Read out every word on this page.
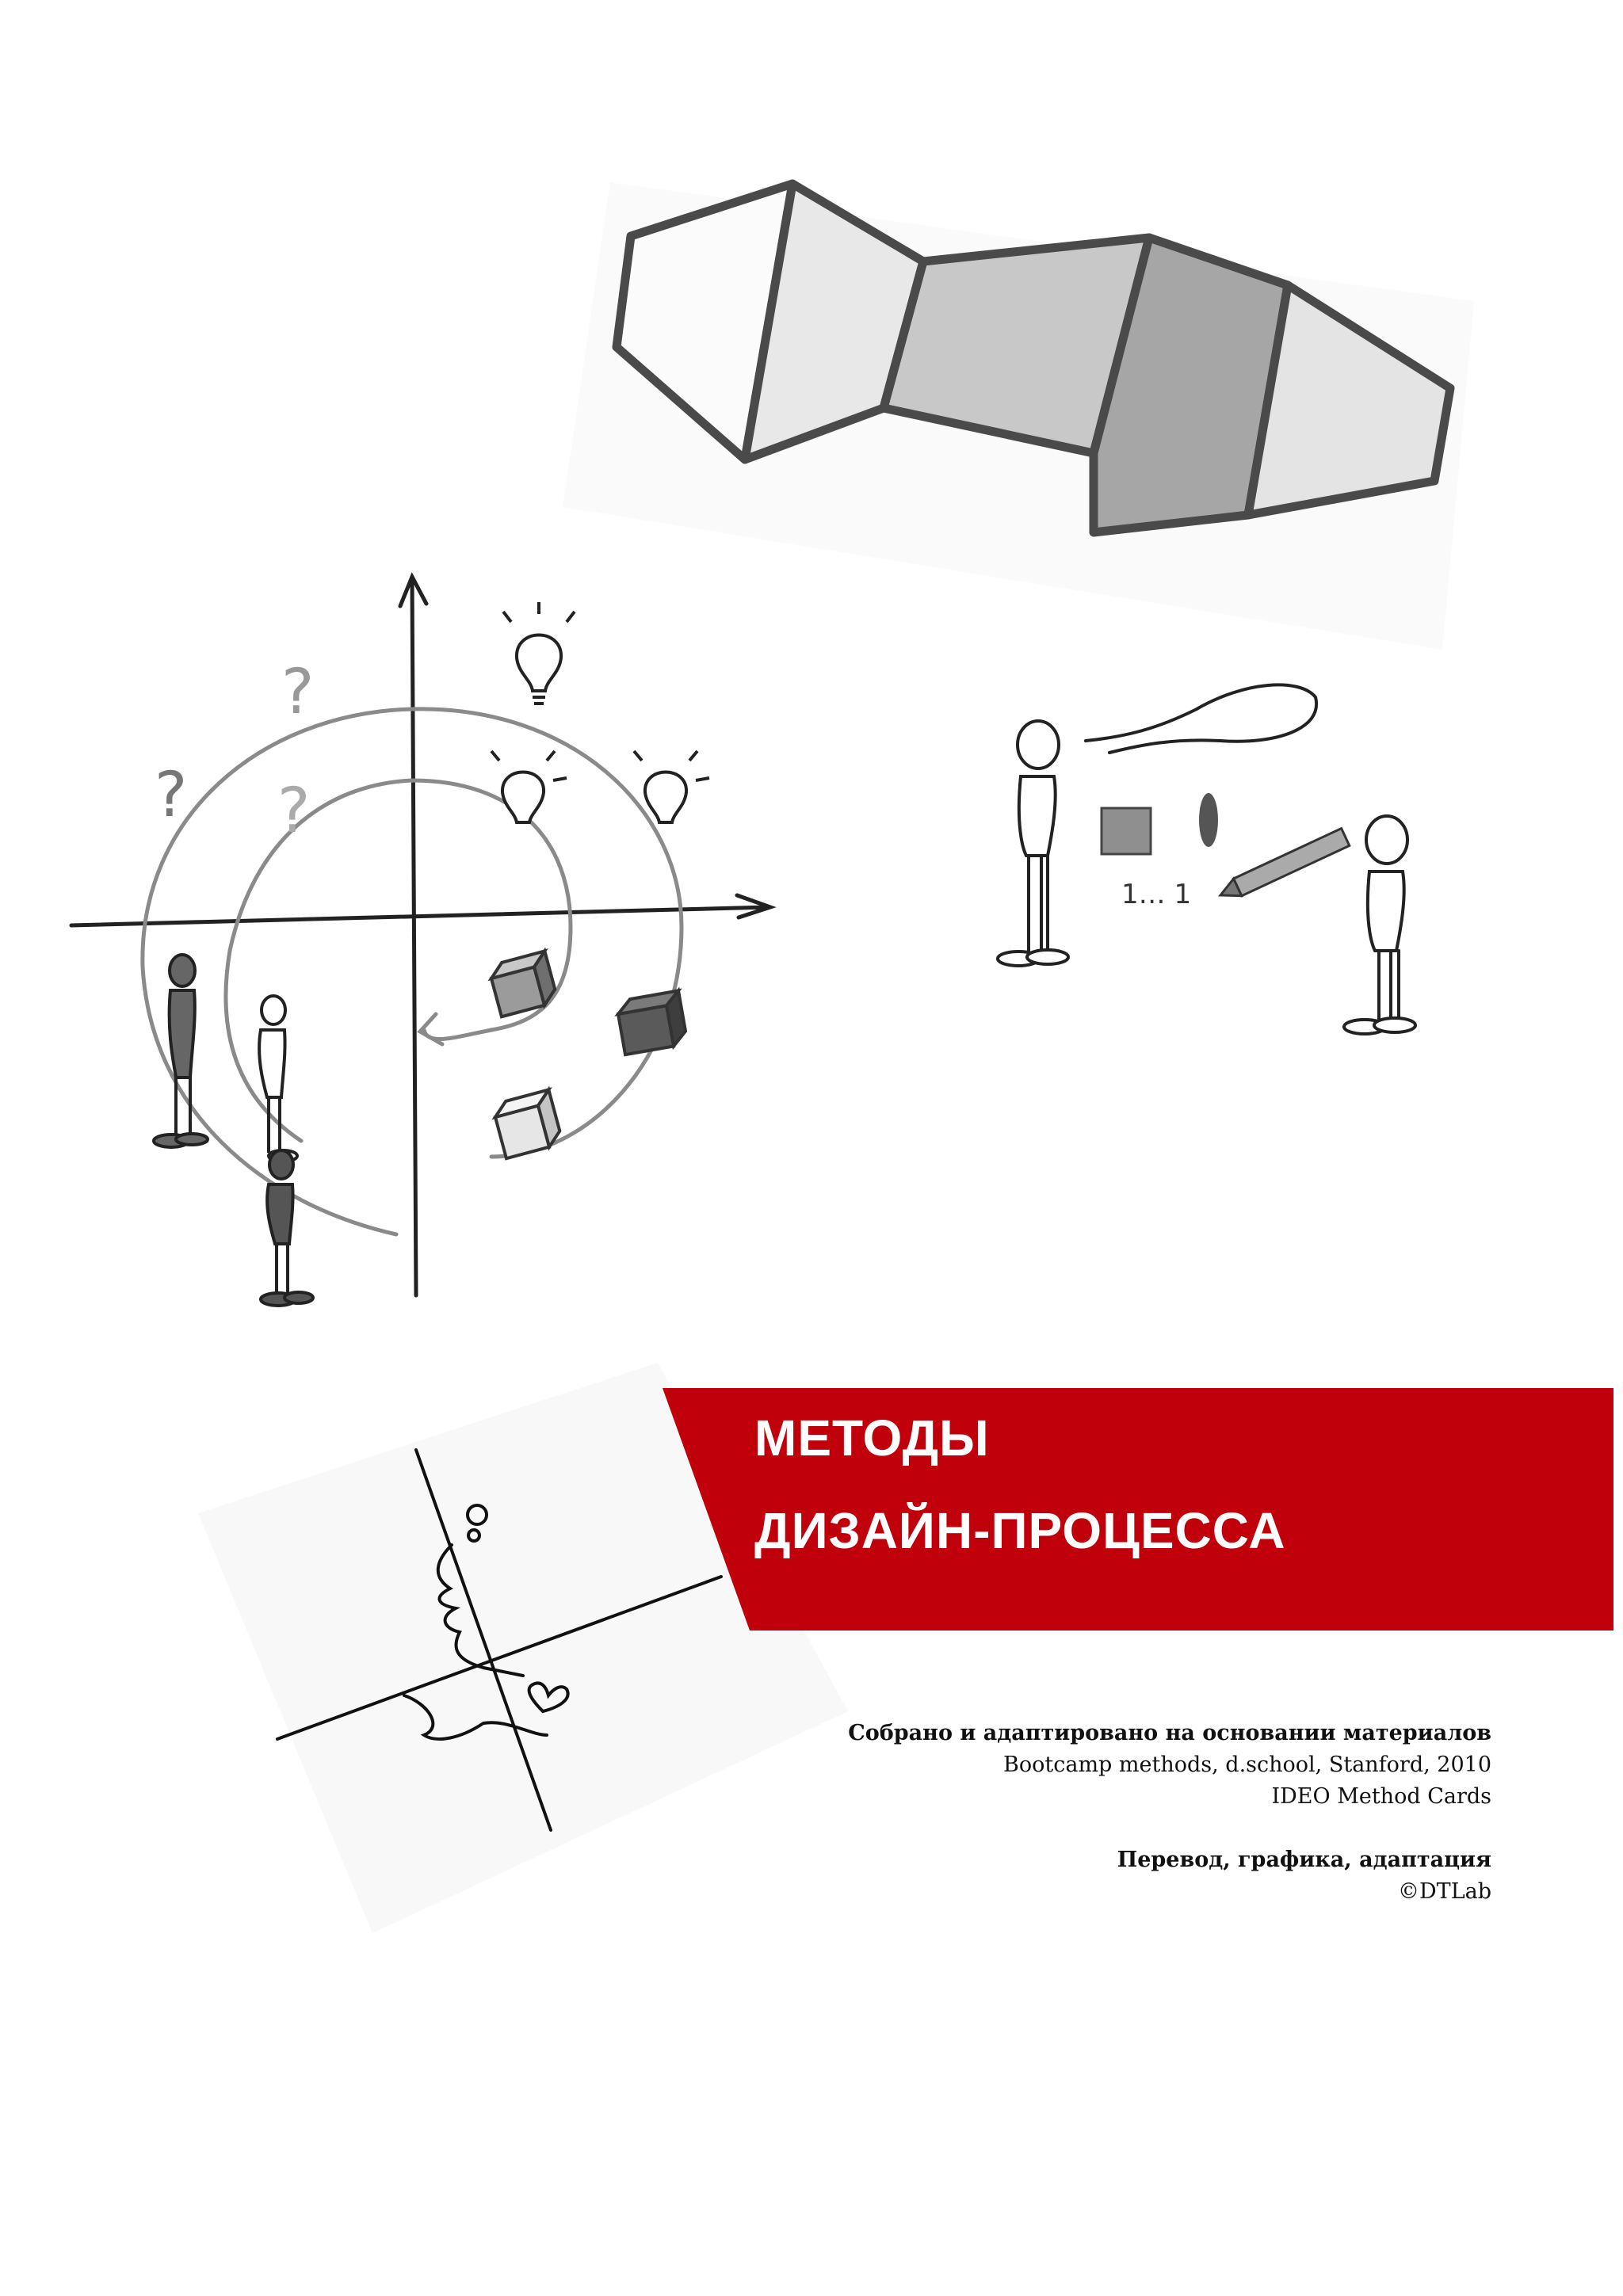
?
?
?
1… 1
МЕТОДЫ
ДИЗАЙН-ПРОЦЕССА
Собрано и адаптировано на основании материалов
Bootcamp methods, d.school, Stanford, 2010
IDEO Method Cards
Перевод, графика, адаптация
©DTLab
